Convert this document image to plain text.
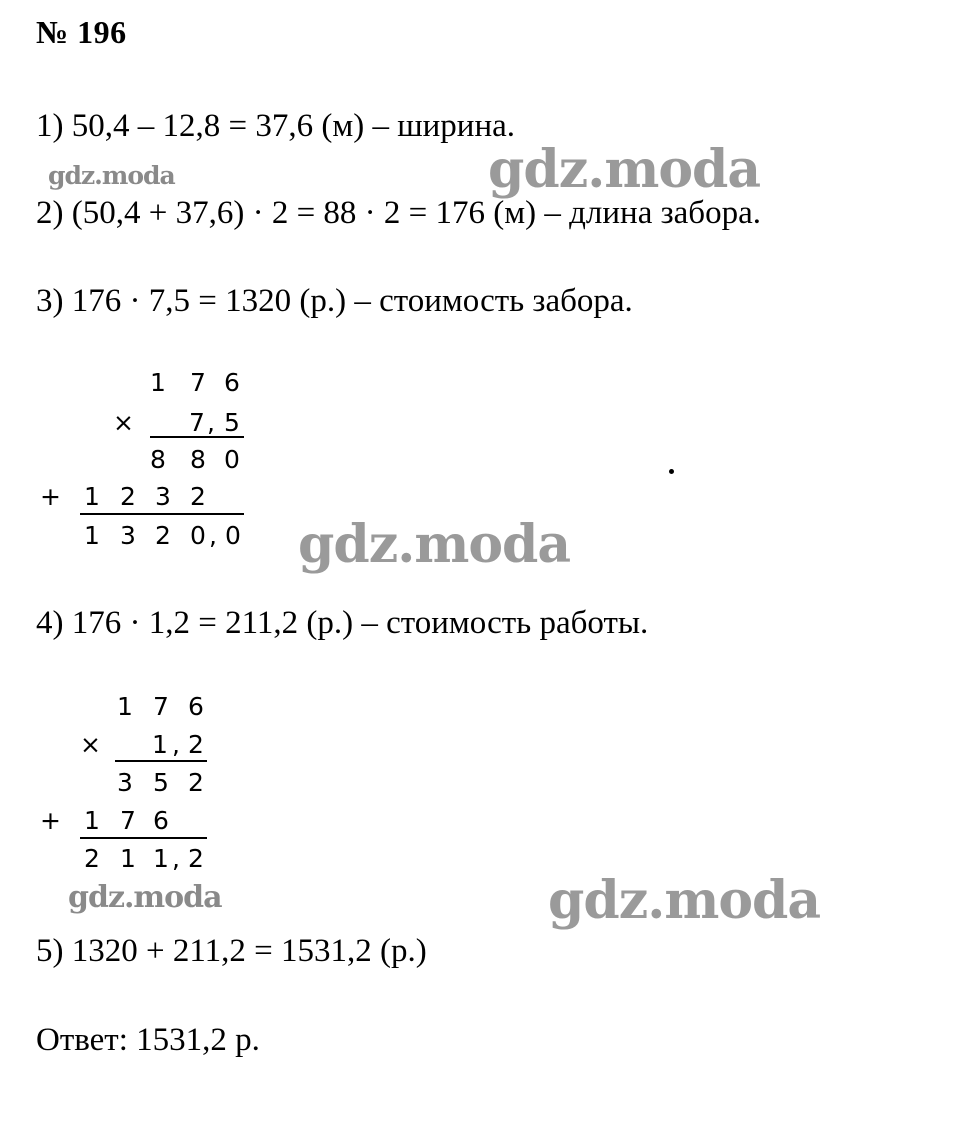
№ 196
1) 50,4 – 12,8 = 37,6 (м) – ширина.
gdz.moda	gdz.moda
2) (50,4 + 37,6) · 2 = 88 · 2 = 176 (м) – длина забора.
3) 176 · 7,5 = 1320 (р.) – стоимость забора.
1 7 6
× 7 , 5
8 8 0
+ 1 2 3 2
1 3 2 0 , 0 gdz.moda
4) 176 · 1,2 = 211,2 (р.) – стоимость работы.
1 7 6
× 1 , 2
3 5 2
+ 1 7 6
2 1 1 , 2
gdz.moda	gdz.moda
5) 1320 + 211,2 = 1531,2 (р.)
Ответ: 1531,2 р.
